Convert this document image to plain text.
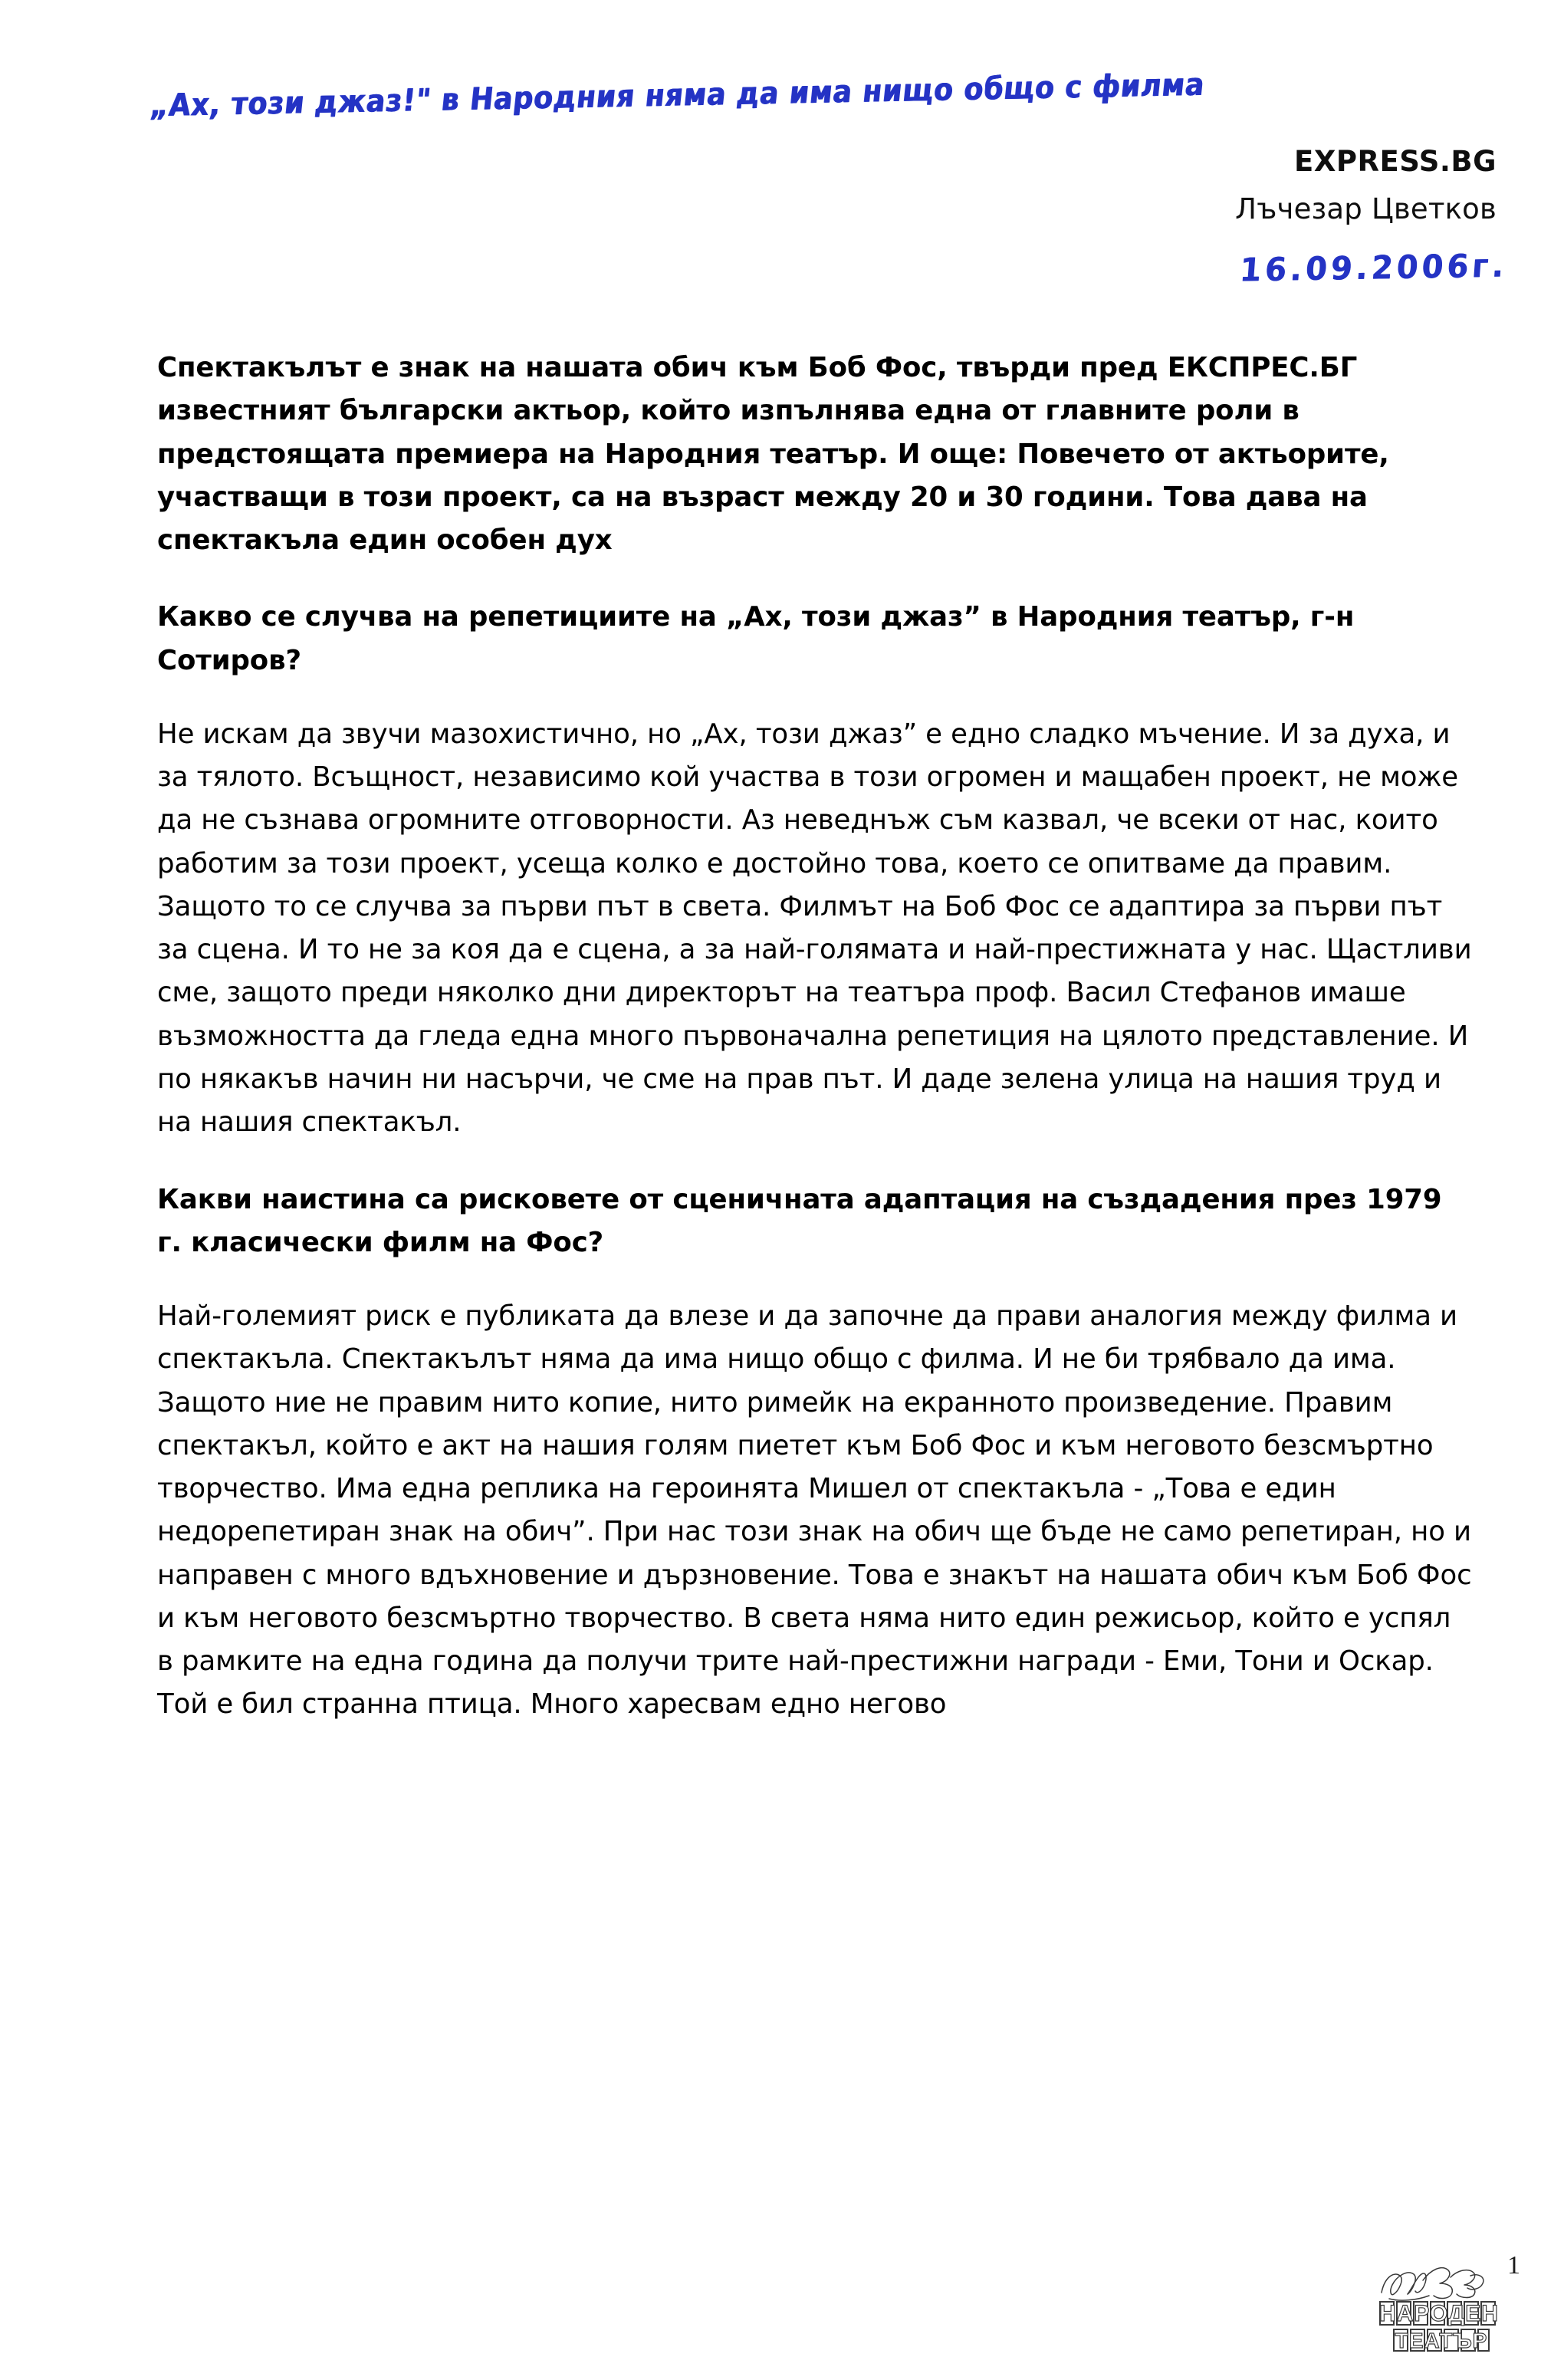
„Ах, този джаз!" в Народния няма да има нищо общо с филма
EXPRESS.BG
Лъчезар Цветков
16.09.2006г.

Спектакълът е знак на нашата обич към Боб Фос, твърди пред ЕКСПРЕС.БГ известният български актьор, който изпълнява една от главните роли в предстоящата премиера на Народния театър. И още: Повечето от актьорите, участващи в този проект, са на възраст между 20 и 30 години. Това дава на спектакъла един особен дух

Какво се случва на репетициите на „Ах, този джаз” в Народния театър, г-н Сотиров?

Не искам да звучи мазохистично, но „Ах, този джаз” е едно сладко мъчение. И за духа, и за тялото. Всъщност, независимо кой участва в този огромен и мащабен проект, не може да не съзнава огромните отговорности. Аз неведнъж съм казвал, че всеки от нас, които работим за този проект, усеща колко е достойно това, което се опитваме да правим. Защото то се случва за първи път в света. Филмът на Боб Фос се адаптира за първи път за сцена. И то не за коя да е сцена, а за най-голямата и най-престижната у нас. Щастливи сме, защото преди няколко дни директорът на театъра проф. Васил Стефанов имаше възможността да гледа една много първоначална репетиция на цялото представление. И по някакъв начин ни насърчи, че сме на прав път. И даде зелена улица на нашия труд и на нашия спектакъл.

Какви наистина са рисковете от сценичната адаптация на създадения през 1979 г. класически филм на Фос?

Най-големият риск е публиката да влезе и да започне да прави аналогия между филма и спектакъла. Спектакълът няма да има нищо общо с филма. И не би трябвало да има. Защото ние не правим нито копие, нито римейк на екранното произведение. Правим спектакъл, който е акт на нашия голям пиетет към Боб Фос и към неговото безсмъртно творчество. Има една реплика на героинята Мишел от спектакъла - „Това е един недорепетиран знак на обич”. При нас този знак на обич ще бъде не само репетиран, но и направен с много вдъхновение и дързновение. Това е знакът на нашата обич към Боб Фос и към неговото безсмъртно творчество. В света няма нито един режисьор, който е успял в рамките на една година да получи трите най-престижни награди - Еми, Тони и Оскар. Той е бил странна птица. Много харесвам едно негово

НАРОДЕН
ТЕАТЪР
1
